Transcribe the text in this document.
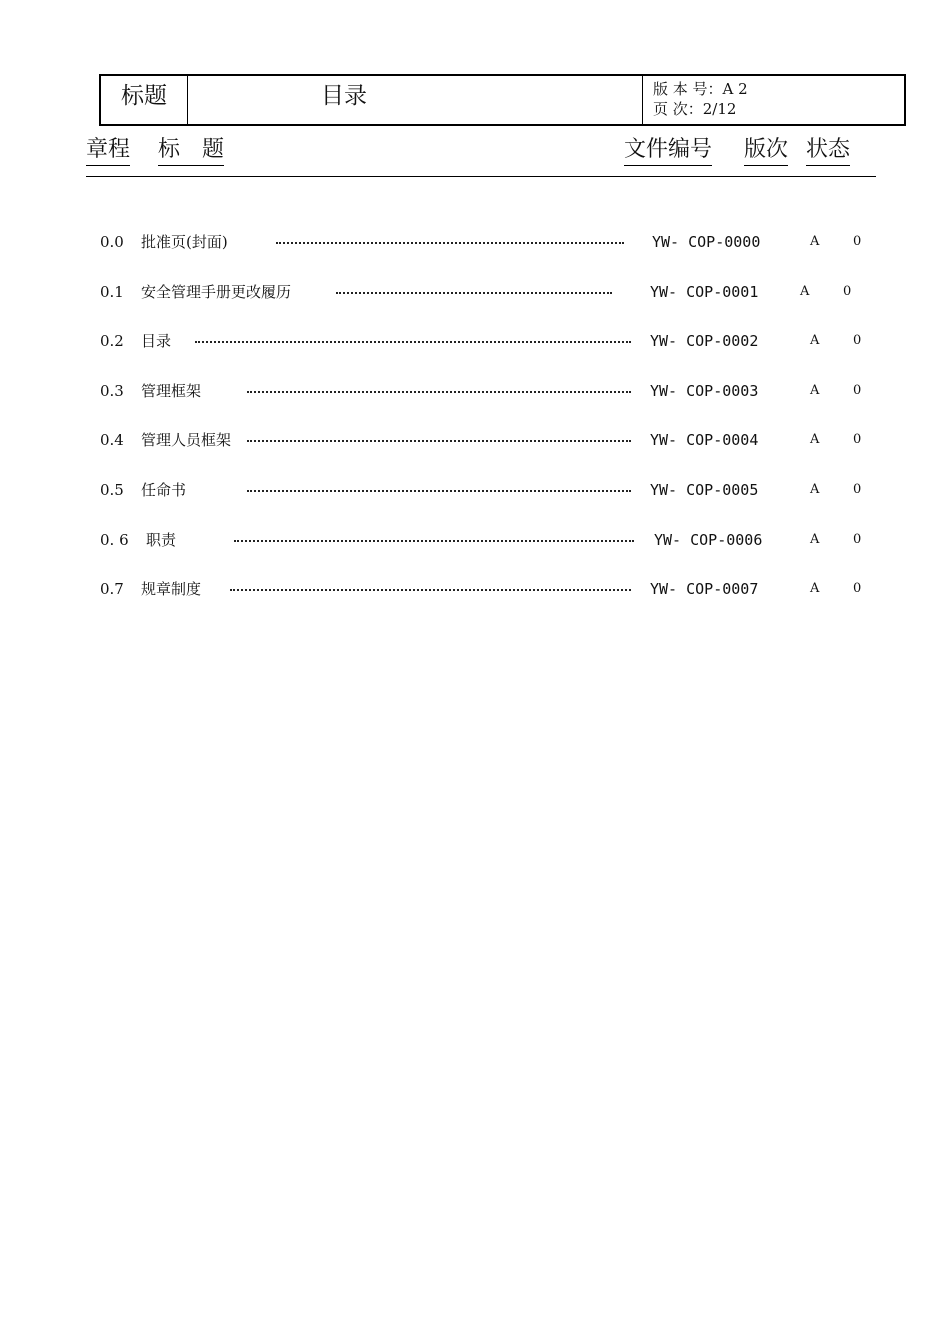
标题	目录	版 本 号：A 2
页 次：2/12
章程 标　题	文件编号 版次 状态
0.0 批准页(封面)	YW- COP-0000	A	0
0.1 安全管理手册更改履历	YW- COP-0001	A	0
0.2 目录	YW- COP-0002	A	0
0.3 管理框架	YW- COP-0003	A	0
0.4 管理人员框架	YW- COP-0004	A	0
0.5 任命书	YW- COP-0005	A	0
0. 6 职责	YW- COP-0006	A	0
0.7 规章制度	YW- COP-0007	A	0
